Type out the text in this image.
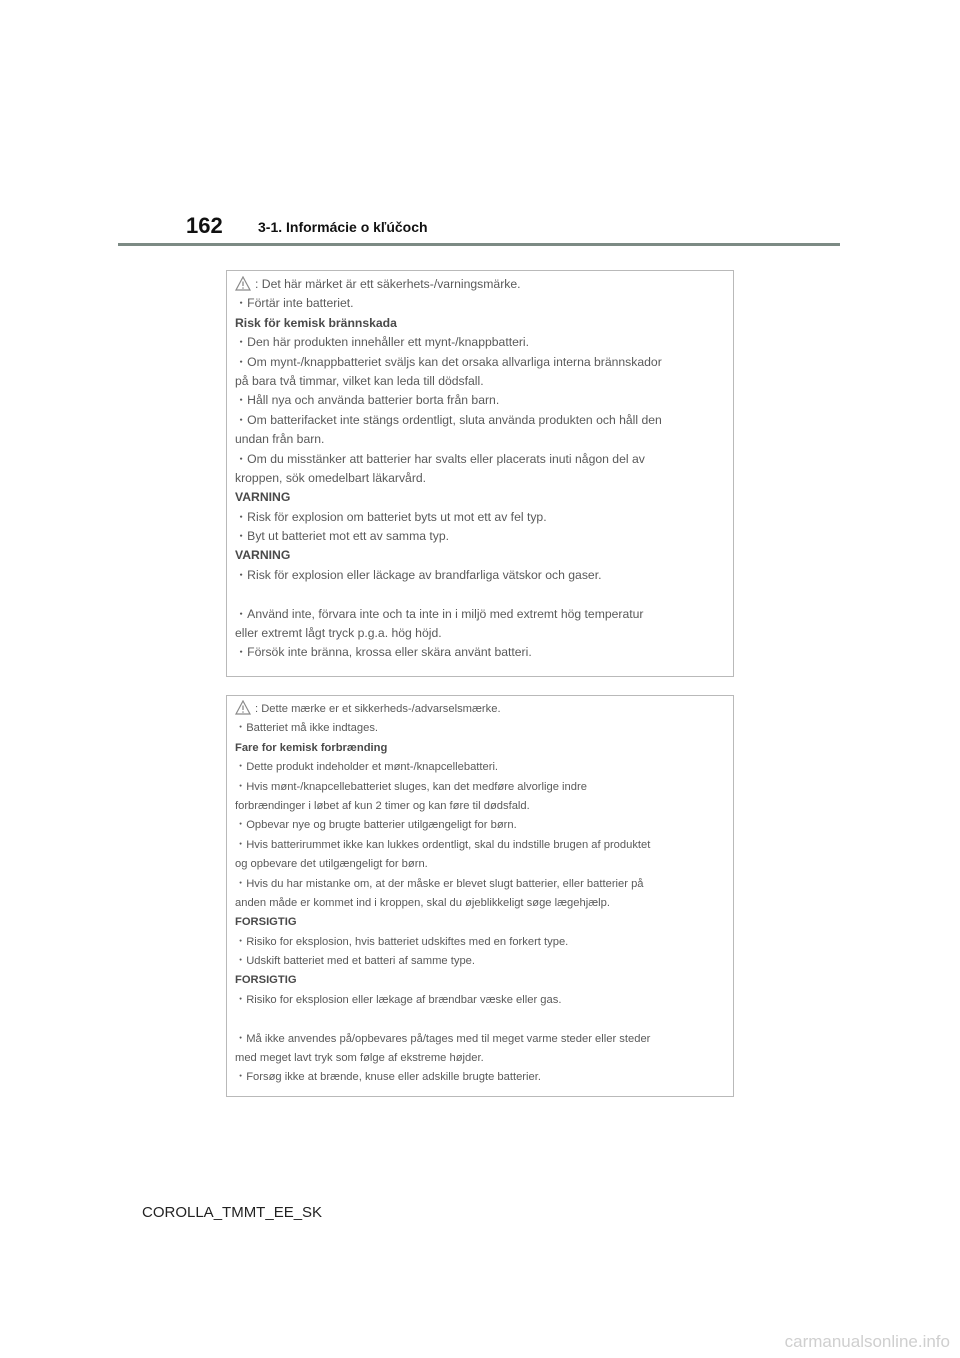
162	3-1. Informácie o kľúčoch
: Det här märket är ett säkerhets-/varningsmärke.
・Förtär inte batteriet.
Risk för kemisk brännskada
・Den här produkten innehåller ett mynt-/knappbatteri.
・Om mynt-/knappbatteriet sväljs kan det orsaka allvarliga interna brännskador
på bara två timmar, vilket kan leda till dödsfall.
・Håll nya och använda batterier borta från barn.
・Om batterifacket inte stängs ordentligt, sluta använda produkten och håll den
undan från barn.
・Om du misstänker att batterier har svalts eller placerats inuti någon del av
kroppen, sök omedelbart läkarvård.
VARNING
・Risk för explosion om batteriet byts ut mot ett av fel typ.
・Byt ut batteriet mot ett av samma typ.
VARNING
・Risk för explosion eller läckage av brandfarliga vätskor och gaser.
・Använd inte, förvara inte och ta inte in i miljö med extremt hög temperatur
eller extremt lågt tryck p.g.a. hög höjd.
・Försök inte bränna, krossa eller skära använt batteri.
: Dette mærke er et sikkerheds-/advarselsmærke.
・Batteriet må ikke indtages.
Fare for kemisk forbrænding
・Dette produkt indeholder et mønt-/knapcellebatteri.
・Hvis mønt-/knapcellebatteriet sluges, kan det medføre alvorlige indre
forbrændinger i løbet af kun 2 timer og kan føre til dødsfald.
・Opbevar nye og brugte batterier utilgængeligt for børn.
・Hvis batterirummet ikke kan lukkes ordentligt, skal du indstille brugen af produktet
og opbevare det utilgængeligt for børn.
・Hvis du har mistanke om, at der måske er blevet slugt batterier, eller batterier på
anden måde er kommet ind i kroppen, skal du øjeblikkeligt søge lægehjælp.
FORSIGTIG
・Risiko for eksplosion, hvis batteriet udskiftes med en forkert type.
・Udskift batteriet med et batteri af samme type.
FORSIGTIG
・Risiko for eksplosion eller lækage af brændbar væske eller gas.
・Må ikke anvendes på/opbevares på/tages med til meget varme steder eller steder
med meget lavt tryk som følge af ekstreme højder.
・Forsøg ikke at brænde, knuse eller adskille brugte batterier.
COROLLA_TMMT_EE_SK
carmanualsonline.info
